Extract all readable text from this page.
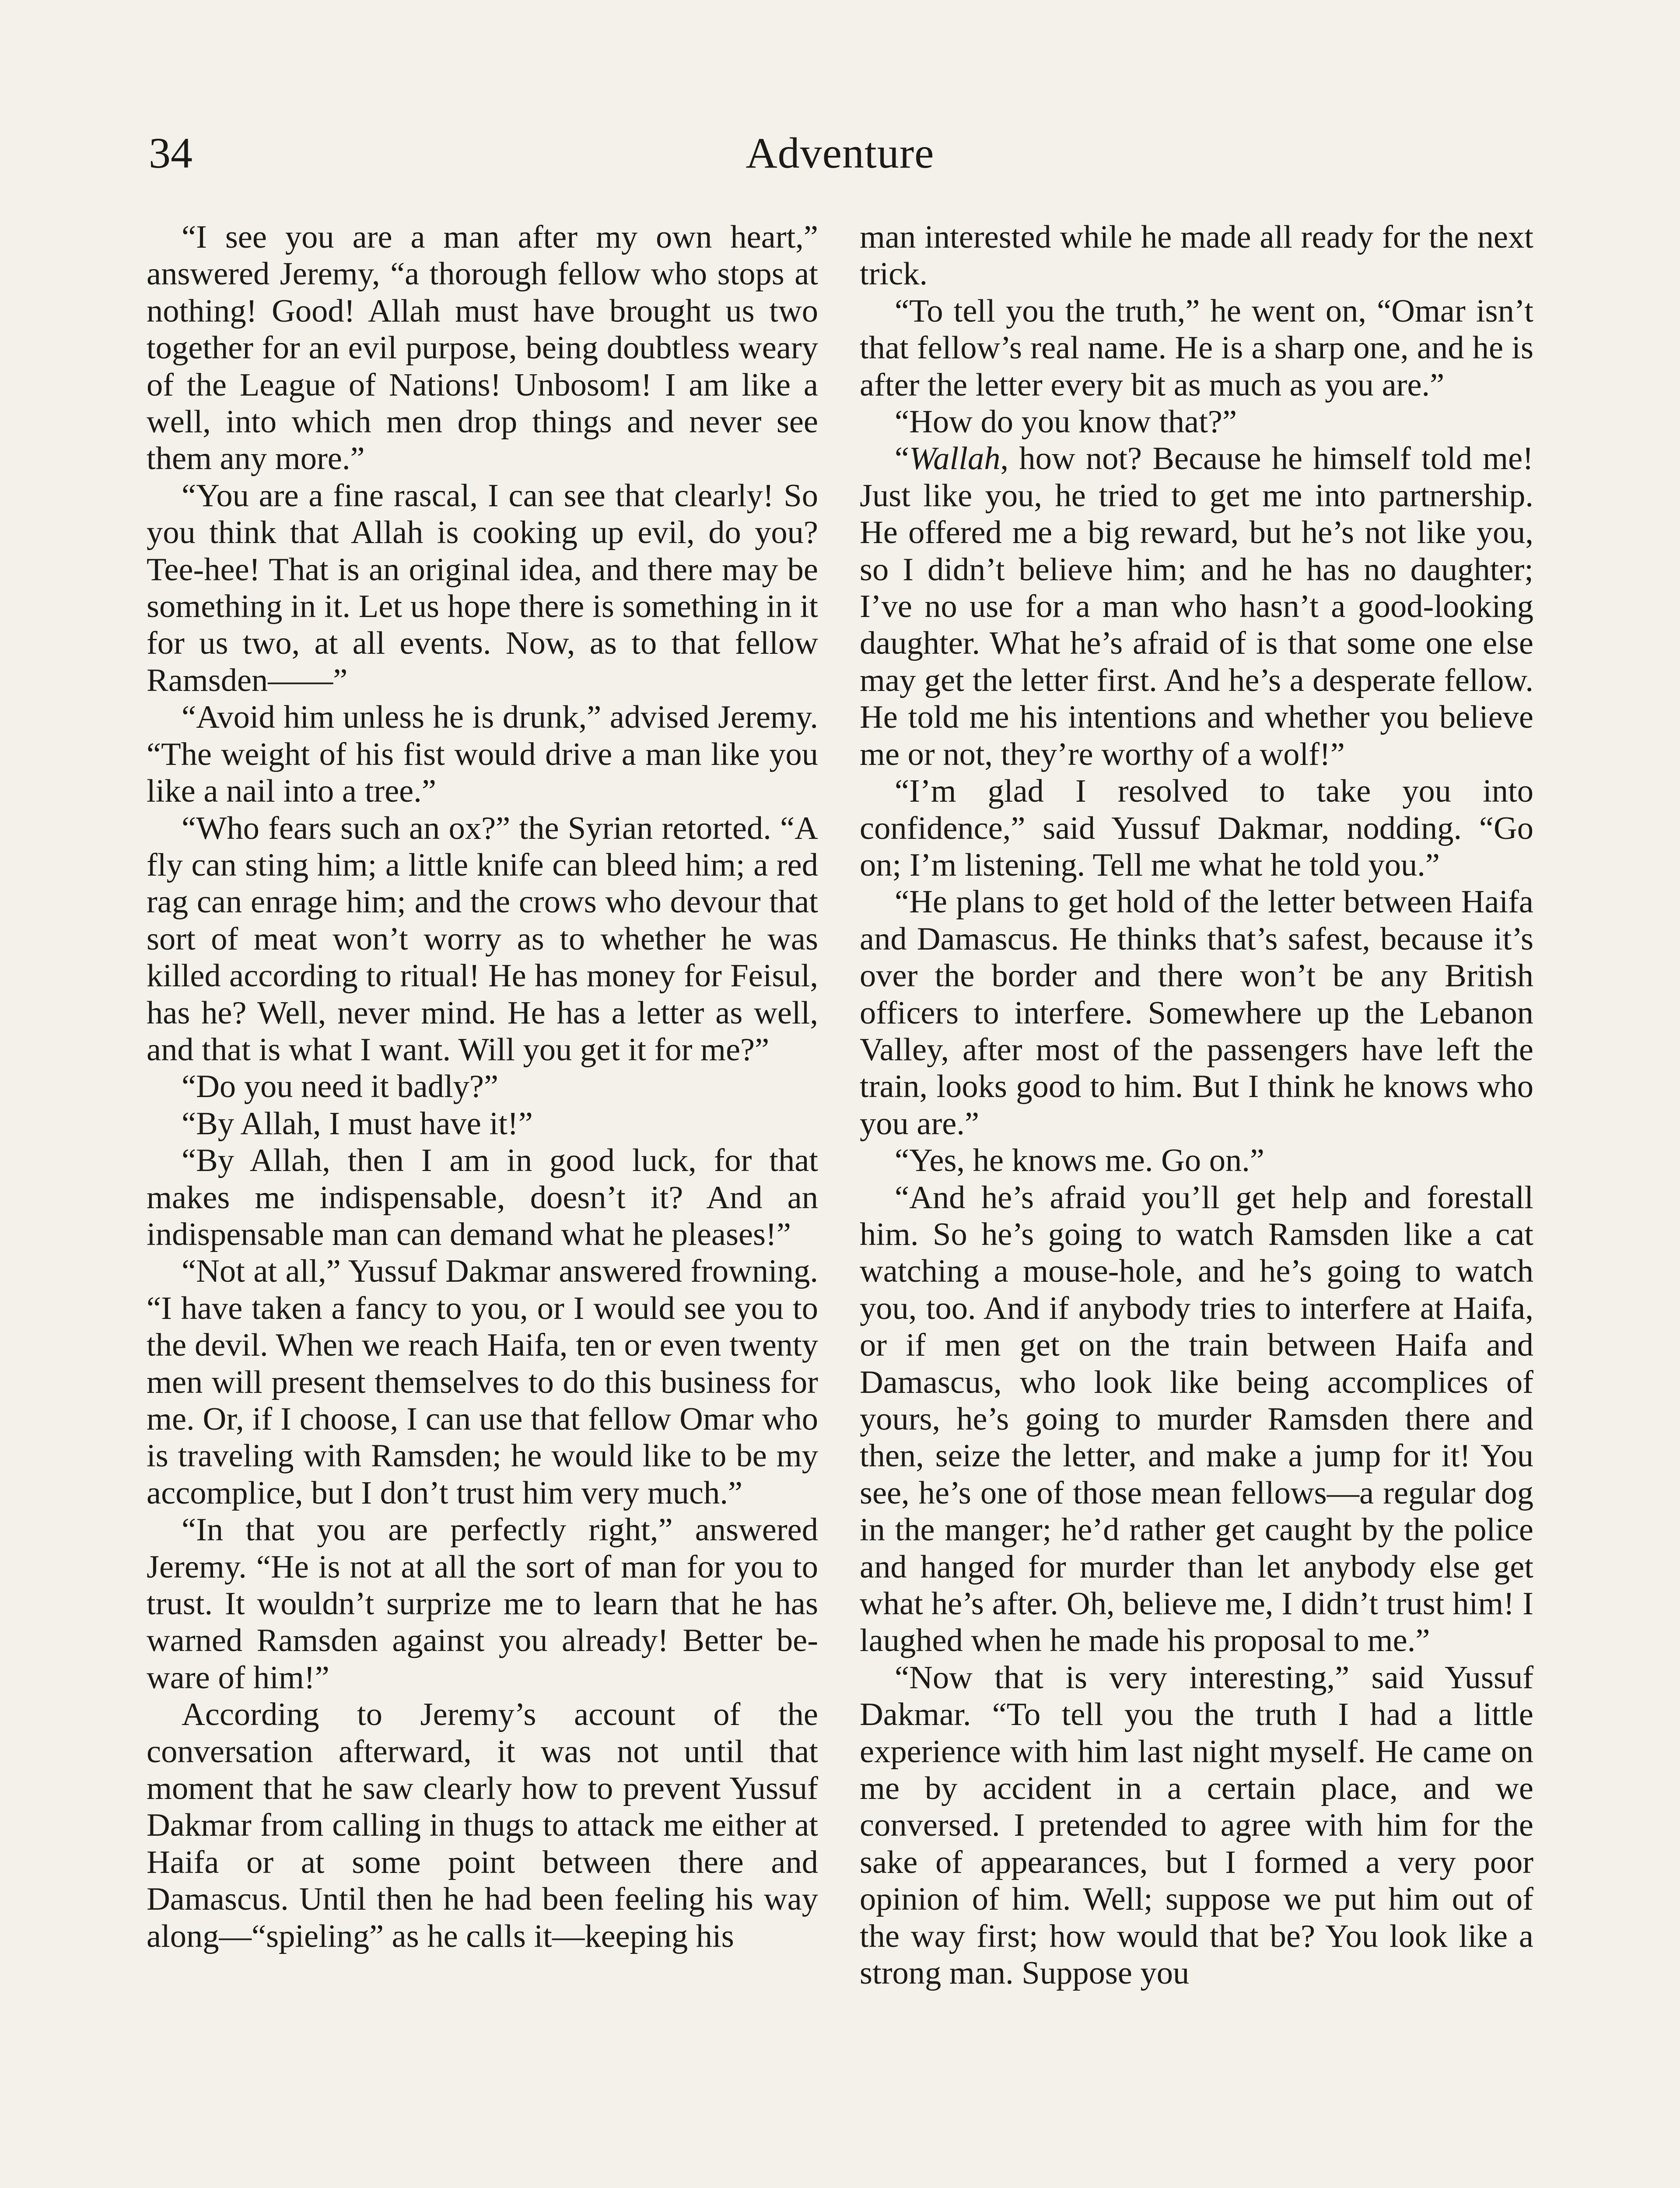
34	Adventure

“I see you are a man after my own heart,” answered Jeremy, “a thorough fellow who stops at nothing! Good! Allah must have brought us two together for an evil purpose, being doubtless weary of the League of Nations! Unbosom! I am like a well, into which men drop things and never see them any more.”

“You are a fine rascal, I can see that clearly! So you think that Allah is cooking up evil, do you? Tee-hee! That is an original idea, and there may be something in it. Let us hope there is something in it for us two, at all events. Now, as to that fellow Ramsden——”

“Avoid him unless he is drunk,” advised Jeremy. “The weight of his fist would drive a man like you like a nail into a tree.”

“Who fears such an ox?” the Syrian retorted. “A fly can sting him; a little knife can bleed him; a red rag can enrage him; and the crows who devour that sort of meat won’t worry as to whether he was killed according to ritual! He has money for Feisul, has he? Well, never mind. He has a letter as well, and that is what I want. Will you get it for me?”

“Do you need it badly?”

“By Allah, I must have it!”

“By Allah, then I am in good luck, for that makes me indispensable, doesn’t it? And an indispensable man can demand what he pleases!”

“Not at all,” Yussuf Dakmar answered frowning. “I have taken a fancy to you, or I would see you to the devil. When we reach Haifa, ten or even twenty men will present themselves to do this business for me. Or, if I choose, I can use that fellow Omar who is traveling with Ramsden; he would like to be my accomplice, but I don’t trust him very much.”

“In that you are perfectly right,” answered Jeremy. “He is not at all the sort of man for you to trust. It wouldn’t surprize me to learn that he has warned Ramsden against you already! Better beware of him!”

According to Jeremy’s account of the conversation afterward, it was not until that moment that he saw clearly how to prevent Yussuf Dakmar from calling in thugs to attack me either at Haifa or at some point between there and Damascus. Until then he had been feeling his way along—“spieling” as he calls it—keeping his

man interested while he made all ready for the next trick.

“To tell you the truth,” he went on, “Omar isn’t that fellow’s real name. He is a sharp one, and he is after the letter every bit as much as you are.”

“How do you know that?”

“Wallah, how not? Because he himself told me! Just like you, he tried to get me into partnership. He offered me a big reward, but he’s not like you, so I didn’t believe him; and he has no daughter; I’ve no use for a man who hasn’t a good-looking daughter. What he’s afraid of is that some one else may get the letter first. And he’s a desperate fellow. He told me his intentions and whether you believe me or not, they’re worthy of a wolf!”

“I’m glad I resolved to take you into confidence,” said Yussuf Dakmar, nodding. “Go on; I’m listening. Tell me what he told you.”

“He plans to get hold of the letter between Haifa and Damascus. He thinks that’s safest, because it’s over the border and there won’t be any British officers to interfere. Somewhere up the Lebanon Valley, after most of the passengers have left the train, looks good to him. But I think he knows who you are.”

“Yes, he knows me. Go on.”

“And he’s afraid you’ll get help and forestall him. So he’s going to watch Ramsden like a cat watching a mouse-hole, and he’s going to watch you, too. And if anybody tries to interfere at Haifa, or if men get on the train between Haifa and Damascus, who look like being accomplices of yours, he’s going to murder Ramsden there and then, seize the letter, and make a jump for it! You see, he’s one of those mean fellows—a regular dog in the manger; he’d rather get caught by the police and hanged for murder than let anybody else get what he’s after. Oh, believe me, I didn’t trust him! I laughed when he made his proposal to me.”

“Now that is very interesting,” said Yussuf Dakmar. “To tell you the truth I had a little experience with him last night myself. He came on me by accident in a certain place, and we conversed. I pretended to agree with him for the sake of appearances, but I formed a very poor opinion of him. Well; suppose we put him out of the way first; how would that be? You look like a strong man. Suppose you
